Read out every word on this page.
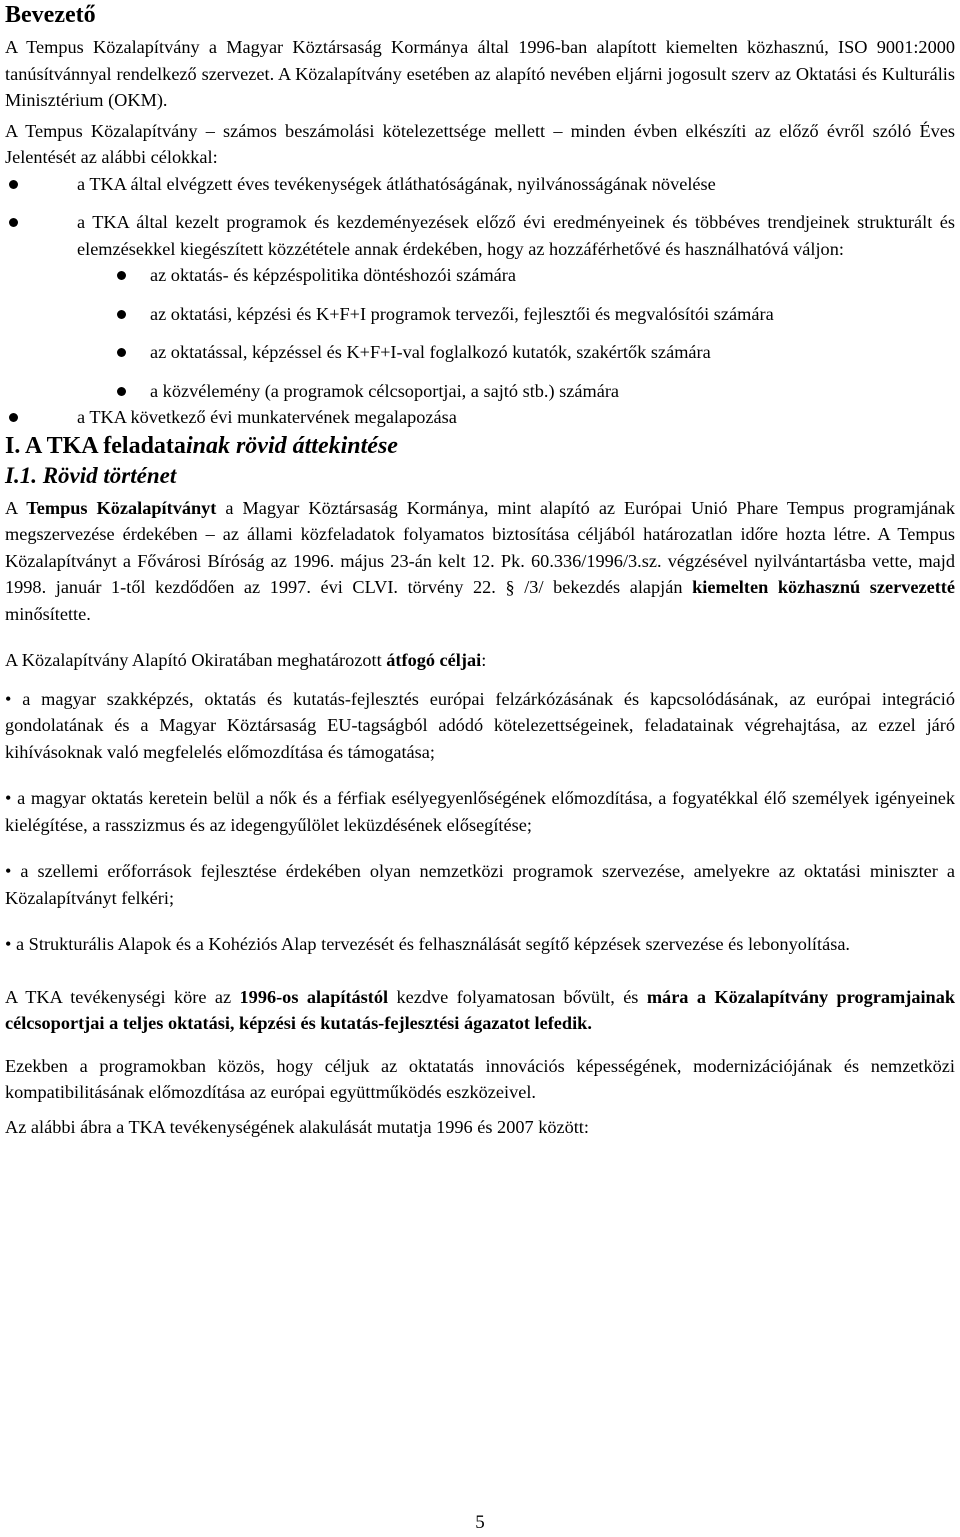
Bevezető

A Tempus Közalapítvány a Magyar Köztársaság Kormánya által 1996-ban alapított kiemelten közhasznú, ISO 9001:2000 tanúsítvánnyal rendelkező szervezet. A Közalapítvány esetében az alapító nevében eljárni jogosult szerv az Oktatási és Kulturális Minisztérium (OKM).

A Tempus Közalapítvány – számos beszámolási kötelezettsége mellett – minden évben elkészíti az előző évről szóló Éves Jelentését az alábbi célokkal:

a TKA által elvégzett éves tevékenységek átláthatóságának, nyilvánosságának növelése
a TKA által kezelt programok és kezdeményezések előző évi eredményeinek és többéves trendjeinek strukturált és elemzésekkel kiegészített közzététele annak érdekében, hogy az hozzáférhetővé és használhatóvá váljon:
az oktatás- és képzéspolitika döntéshozói számára
az oktatási, képzési és K+F+I programok tervezői, fejlesztői és megvalósítói számára
az oktatással, képzéssel és K+F+I-val foglalkozó kutatók, szakértők számára
a közvélemény (a programok célcsoportjai, a sajtó stb.) számára
a TKA következő évi munkatervének megalapozása
I. A TKA feladatainak rövid áttekintése
I.1. Rövid történet

A Tempus Közalapítványt a Magyar Köztársaság Kormánya, mint alapító az Európai Unió Phare Tempus programjának megszervezése érdekében – az állami közfeladatok folyamatos biztosítása céljából határozatlan időre hozta létre. A Tempus Közalapítványt a Fővárosi Bíróság az 1996. május 23-án kelt 12. Pk. 60.336/1996/3.sz. végzésével nyilvántartásba vette, majd 1998. január 1-től kezdődően az 1997. évi CLVI. törvény 22. § /3/ bekezdés alapján kiemelten közhasznú szervezetté minősítette.

A Közalapítvány Alapító Okiratában meghatározott átfogó céljai:

• a magyar szakképzés, oktatás és kutatás-fejlesztés európai felzárkózásának és kapcsolódásának, az európai integráció gondolatának és a Magyar Köztársaság EU-tagságból adódó kötelezettségeinek, feladatainak végrehajtása, az ezzel járó kihívásoknak való megfelelés előmozdítása és támogatása;

• a magyar oktatás keretein belül a nők és a férfiak esélyegyenlőségének előmozdítása, a fogyatékkal élő személyek igényeinek kielégítése, a rasszizmus és az idegengyűlölet leküzdésének elősegítése;

• a szellemi erőforrások fejlesztése érdekében olyan nemzetközi programok szervezése, amelyekre az oktatási miniszter a Közalapítványt felkéri;

• a Strukturális Alapok és a Kohéziós Alap tervezését és felhasználását segítő képzések szervezése és lebonyolítása.

A TKA tevékenységi köre az 1996-os alapítástól kezdve folyamatosan bővült, és mára a Közalapítvány programjainak célcsoportjai a teljes oktatási, képzési és kutatás-fejlesztési ágazatot lefedik.

Ezekben a programokban közös, hogy céljuk az oktatatás innovációs képességének, modernizációjának és nemzetközi kompatibilitásának előmozdítása az európai együttműködés eszközeivel.

Az alábbi ábra a TKA tevékenységének alakulását mutatja 1996 és 2007 között:

5
